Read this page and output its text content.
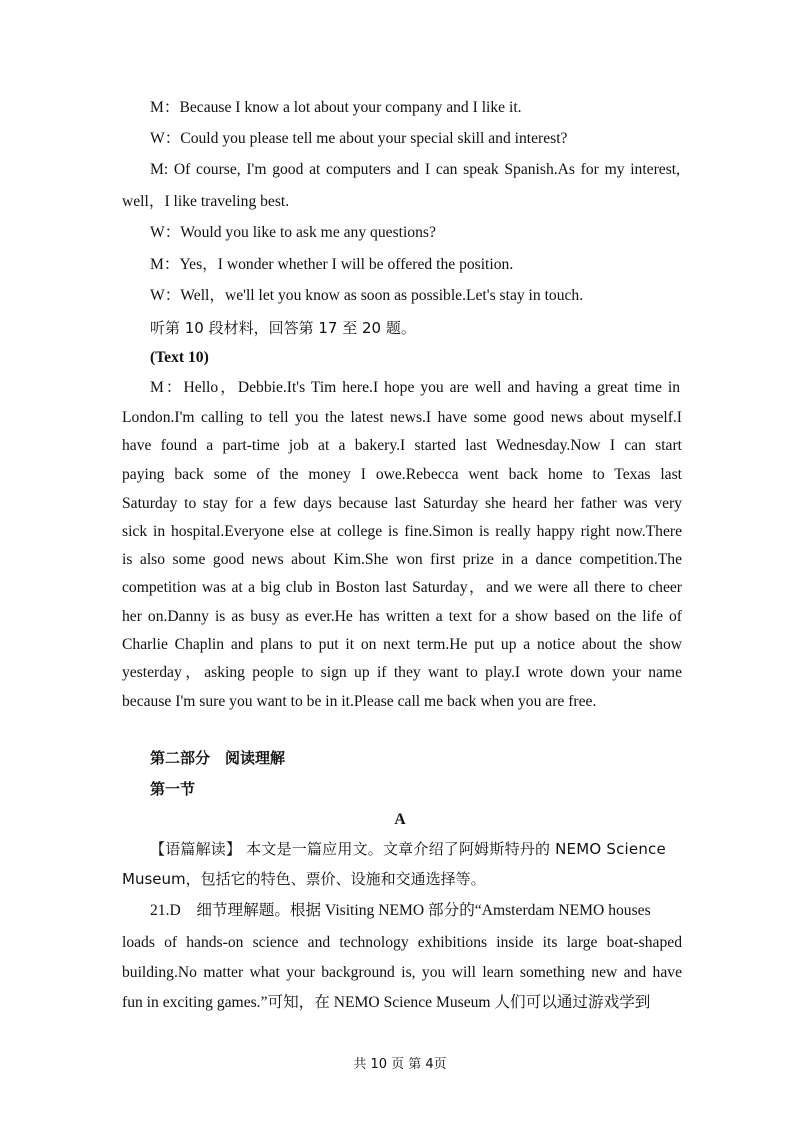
M：Because I know a lot about your company and I like it.
W：Could you please tell me about your special skill and interest?
M: Of course, I'm good at computers and I can speak Spanish.As for my interest,
well，I like traveling best.
W：Would you like to ask me any questions?
M：Yes，I wonder whether I will be offered the position.
W：Well，we'll let you know as soon as possible.Let's stay in touch.
听第 10 段材料，回答第 17 至 20 题。
(Text 10)
M：Hello，Debbie.It's Tim here.I hope you are well and having a great time in
London.I'm calling to tell you the latest news.I have some good news about myself.I
have found a part-time job at a bakery.I started last Wednesday.Now I can start
paying back some of the money I owe.Rebecca went back home to Texas last
Saturday to stay for a few days because last Saturday she heard her father was very
sick in hospital.Everyone else at college is fine.Simon is really happy right now.There
is also some good news about Kim.She won first prize in a dance competition.The
competition was at a big club in Boston last Saturday，and we were all there to cheer
her on.Danny is as busy as ever.He has written a text for a show based on the life of
Charlie Chaplin and plans to put it on next term.He put up a notice about the show
yesterday，asking people to sign up if they want to play.I wrote down your name
because I'm sure you want to be in it.Please call me back when you are free.
第二部分　阅读理解
第一节
A
【语篇解读】 本文是一篇应用文。文章介绍了阿姆斯特丹的 NEMO Science
Museum，包括它的特色、票价、设施和交通选择等。
21.D　细节理解题。根据 Visiting NEMO 部分的“Amsterdam NEMO houses
loads of hands-on science and technology exhibitions inside its large boat-shaped
building.No matter what your background is, you will learn something new and have
fun in exciting games.”可知，在 NEMO Science Museum 人们可以通过游戏学到
共 10 页 第 4页
